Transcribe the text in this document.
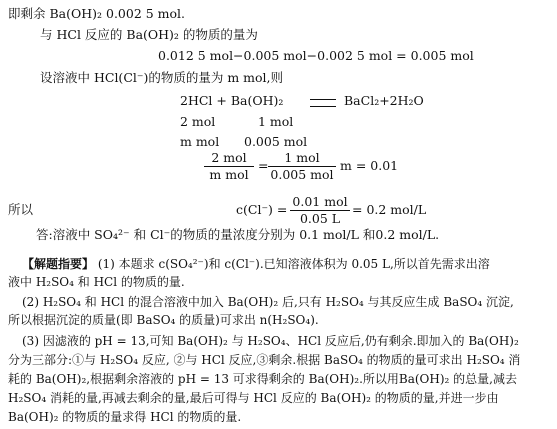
即剩余 Ba(OH)₂ 0.002 5 mol.
与 HCl 反应的 Ba(OH)₂ 的物质的量为
0.012 5 mol−0.005 mol−0.002 5 mol = 0.005 mol
设溶液中 HCl(Cl⁻)的物质的量为 m mol,则
2HCl + Ba(OH)₂	BaCl₂+2H₂O
2 mol	1 mol
m mol 0.005 mol
2 mol
m mol
=
1 mol
0.005 mol
m = 0.01
所以	c(Cl⁻) =
0.01 mol
0.05 L
= 0.2 mol/L
答:溶液中 SO₄²⁻ 和 Cl⁻的物质的量浓度分别为 0.1 mol/L 和0.2 mol/L.
【解题指要】 (1) 本题求 c(SO₄²⁻)和 c(Cl⁻).已知溶液体积为 0.05 L,所以首先需求出溶
液中 H₂SO₄ 和 HCl 的物质的量.
(2) H₂SO₄ 和 HCl 的混合溶液中加入 Ba(OH)₂ 后,只有 H₂SO₄ 与其反应生成 BaSO₄ 沉淀,
所以根据沉淀的质量(即 BaSO₄ 的质量)可求出 n(H₂SO₄).
(3) 因滤液的 pH = 13,可知 Ba(OH)₂ 与 H₂SO₄、HCl 反应后,仍有剩余.即加入的 Ba(OH)₂
分为三部分:①与 H₂SO₄ 反应, ②与 HCl 反应,③剩余.根据 BaSO₄ 的物质的量可求出 H₂SO₄ 消
耗的 Ba(OH)₂,根据剩余溶液的 pH = 13 可求得剩余的 Ba(OH)₂.所以用Ba(OH)₂ 的总量,减去
H₂SO₄ 消耗的量,再减去剩余的量,最后可得与 HCl 反应的 Ba(OH)₂ 的物质的量,并进一步由
Ba(OH)₂ 的物质的量求得 HCl 的物质的量.
